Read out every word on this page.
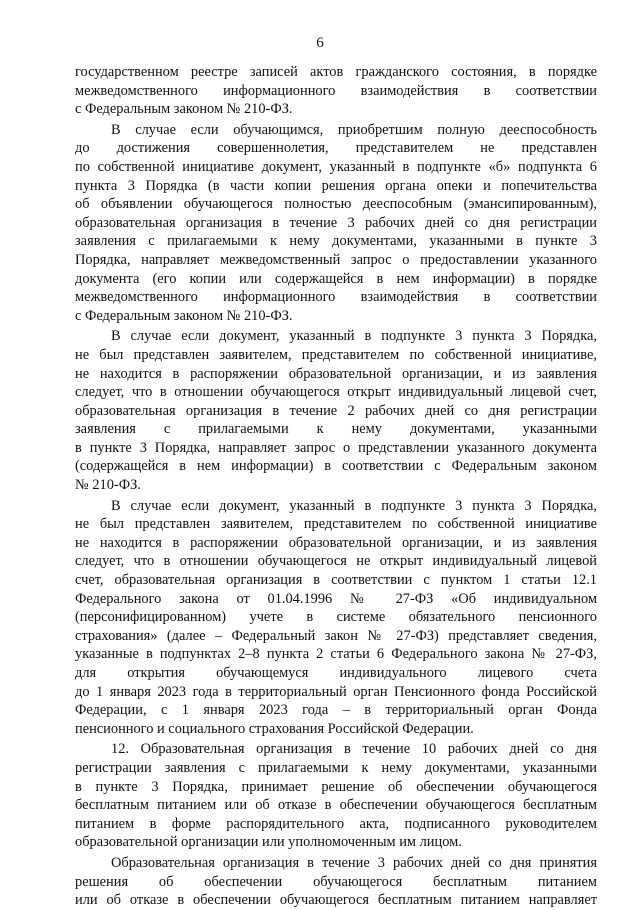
6
государственном реестре записей актов гражданского состояния, в порядке
межведомственного информационного взаимодействия в соответствии
с Федеральным законом № 210-ФЗ.
В случае если обучающимся, приобретшим полную дееспособность
до достижения совершеннолетия, представителем не представлен
по собственной инициативе документ, указанный в подпункте «б» подпункта 6
пункта 3 Порядка (в части копии решения органа опеки и попечительства
об объявлении обучающегося полностью дееспособным (эмансипированным),
образовательная организация в течение 3 рабочих дней со дня регистрации
заявления с прилагаемыми к нему документами, указанными в пункте 3
Порядка, направляет межведомственный запрос о предоставлении указанного
документа (его копии или содержащейся в нем информации) в порядке
межведомственного информационного взаимодействия в соответствии
с Федеральным законом № 210-ФЗ.
В случае если документ, указанный в подпункте 3 пункта 3 Порядка,
не был представлен заявителем, представителем по собственной инициативе,
не находится в распоряжении образовательной организации, и из заявления
следует, что в отношении обучающегося открыт индивидуальный лицевой счет,
образовательная организация в течение 2 рабочих дней со дня регистрации
заявления с прилагаемыми к нему документами, указанными
в пункте 3 Порядка, направляет запрос о представлении указанного документа
(содержащейся в нем информации) в соответствии с Федеральным законом
№ 210-ФЗ.
В случае если документ, указанный в подпункте 3 пункта 3 Порядка,
не был представлен заявителем, представителем по собственной инициативе
не находится в распоряжении образовательной организации, и из заявления
следует, что в отношении обучающегося не открыт индивидуальный лицевой
счет, образовательная организация в соответствии с пунктом 1 статьи 12.1
Федерального закона от 01.04.1996 № 27-ФЗ «Об индивидуальном
(персонифицированном) учете в системе обязательного пенсионного
страхования» (далее – Федеральный закон № 27-ФЗ) представляет сведения,
указанные в подпунктах 2–8 пункта 2 статьи 6 Федерального закона № 27-ФЗ,
для открытия обучающемуся индивидуального лицевого счета
до 1 января 2023 года в территориальный орган Пенсионного фонда Российской
Федерации, с 1 января 2023 года – в территориальный орган Фонда
пенсионного и социального страхования Российской Федерации.
12. Образовательная организация в течение 10 рабочих дней со дня
регистрации заявления с прилагаемыми к нему документами, указанными
в пункте 3 Порядка, принимает решение об обеспечении обучающегося
бесплатным питанием или об отказе в обеспечении обучающегося бесплатным
питанием в форме распорядительного акта, подписанного руководителем
образовательной организации или уполномоченным им лицом.
Образовательная организация в течение 3 рабочих дней со дня принятия
решения об обеспечении обучающегося бесплатным питанием
или об отказе в обеспечении обучающегося бесплатным питанием направляет
